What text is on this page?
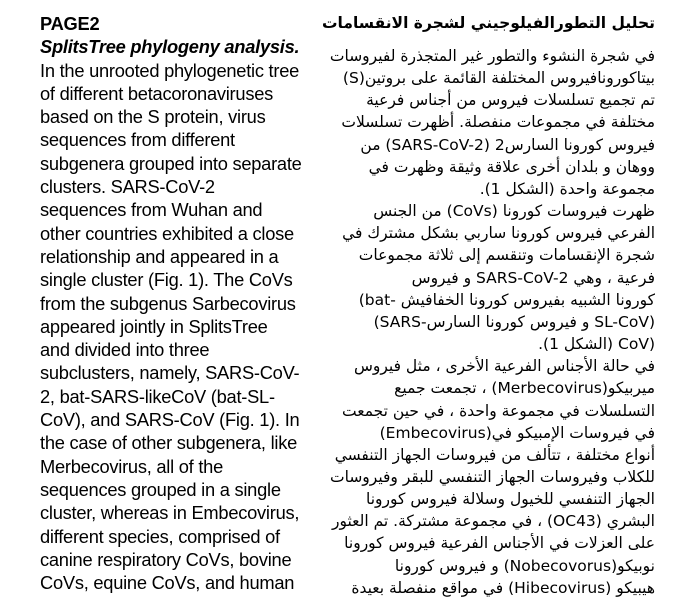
PAGE2
SplitsTree phylogeny analysis.
In the unrooted phylogenetic tree
of different betacoronaviruses
based on the S protein, virus
sequences from different
subgenera grouped into separate
clusters. SARS-CoV-2
sequences from Wuhan and
other countries exhibited a close
relationship and appeared in a
single cluster (Fig. 1). The CoVs
from the subgenus Sarbecovirus
appeared jointly in SplitsTree
and divided into three
subclusters, namely, SARS-CoV-
2, bat-SARS-likeCoV (bat-SL-
CoV), and SARS-CoV (Fig. 1). In
the case of other subgenera, like
Merbecovirus, all of the
sequences grouped in a single
cluster, whereas in Embecovirus,
different species, comprised of
canine respiratory CoVs, bovine
CoVs, equine CoVs, and human
تحليل التطورالفيلوجيني لشجرة الانقسامات
في شجرة النشوء والتطور غير المتجذرة لفيروسات
بيتاكورونافيروس المختلفة القائمة على بروتين(S)
تم تجميع تسلسلات فيروس من أجناس فرعية
مختلفة في مجموعات منفصلة. أظهرت تسلسلات
فيروس كورونا السارس2 (SARS-CoV-2) من
ووهان و بلدان أخرى علاقة وثيقة وظهرت في
مجموعة واحدة (الشكل 1).
ظهرت فيروسات كورونا (CoVs) من الجنس
الفرعي فيروس كورونا ساربي بشكل مشترك في
شجرة الإنقسامات وتنقسم إلى ثلاثة مجموعات
فرعية ، وهي SARS-CoV-2 و فيروس
كورونا الشبيه بفيروس كورونا الخفافيش ‎(bat-‎
‎SL-CoV)‎ و فيروس كورونا السارس‎(SARS-‎
‎CoV)‎ (الشكل 1).
في حالة الأجناس الفرعية الأخرى ، مثل فيروس
ميربيكو(Merbecovirus) ، تجمعت جميع
التسلسلات في مجموعة واحدة ، في حين تجمعت
في فيروسات الإمبيكو في(Embecovirus)
أنواع مختلفة ، تتألف من فيروسات الجهاز التنفسي
للكلاب وفيروسات الجهاز التنفسي للبقر وفيروسات
الجهاز التنفسي للخيول وسلالة فيروس كورونا
البشري (OC43) ، في مجموعة مشتركة. تم العثور
على العزلات في الأجناس الفرعية فيروس كورونا
نوبيكو(Nobecovorus) و فيروس كورونا
هيبيكو (Hibecovirus) في مواقع منفصلة بعيدة
